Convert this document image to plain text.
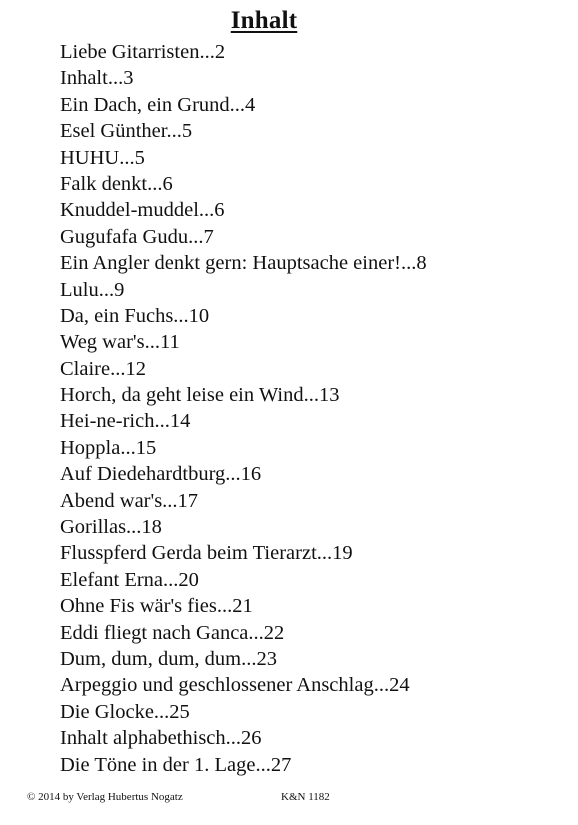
Inhalt
Liebe Gitarristen...2
Inhalt...3
Ein Dach, ein Grund...4
Esel Günther...5
HUHU...5
Falk denkt...6
Knuddel-muddel...6
Gugufafa Gudu...7
Ein Angler denkt gern: Hauptsache einer!...8
Lulu...9
Da, ein Fuchs...10
Weg war's...11
Claire...12
Horch, da geht leise ein Wind...13
Hei-ne-rich...14
Hoppla...15
Auf Diedehardtburg...16
Abend war's...17
Gorillas...18
Flusspferd Gerda beim Tierarzt...19
Elefant Erna...20
Ohne Fis wär's fies...21
Eddi fliegt nach Ganca...22
Dum, dum, dum, dum...23
Arpeggio und geschlossener Anschlag...24
Die Glocke...25
Inhalt alphabethisch...26
Die Töne in der 1. Lage...27
© 2014 by Verlag Hubertus Nogatz	K&N 1182
